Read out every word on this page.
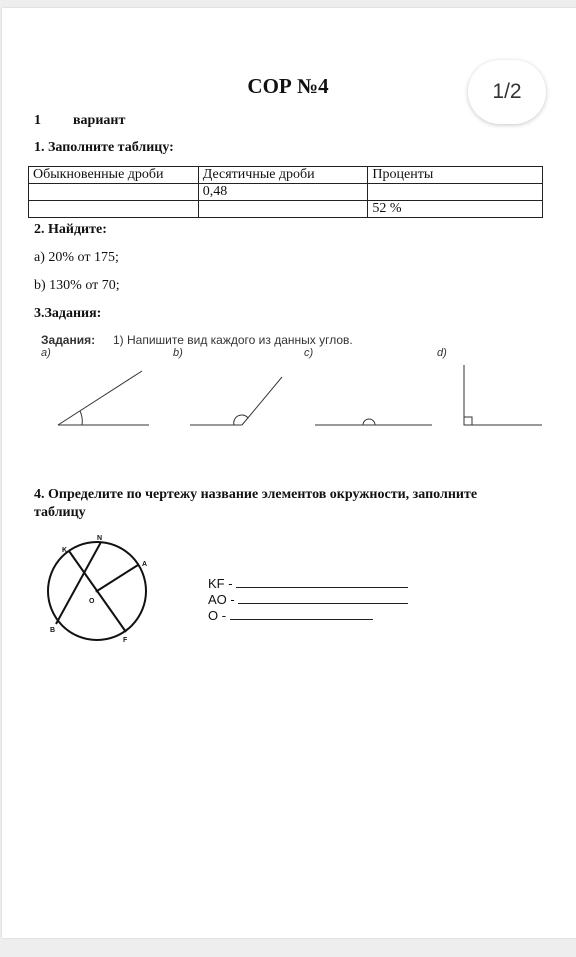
СОР №4	1/2
1 вариант
1. Заполните таблицу:
Обыкновенные дроби	Десятичные дроби	Проценты
	0,48	
		52 %
2. Найдите:
а) 20% от 175;
b) 130% от 70;
3.Задания:
Задания: 1) Напишите вид каждого из данных углов.
a)	b)	c)	d)
4. Определите по чертежу название элементов окружности, заполните
таблицу
N
K
A
O
B
F
KF -
AO -
O -
